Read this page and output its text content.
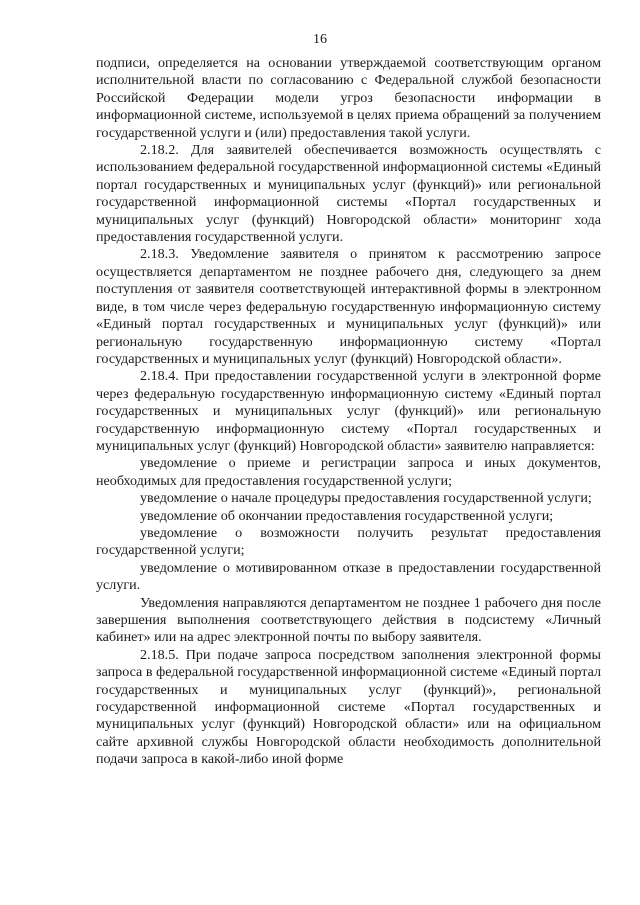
16

подписи, определяется на основании утверждаемой соответствующим органом исполнительной власти по согласованию с Федеральной службой безопасности Российской Федерации модели угроз безопасности информации в информационной системе, используемой в целях приема обращений за получением государственной услуги и (или) предоставления такой услуги.

2.18.2. Для заявителей обеспечивается возможность осуществлять с использованием федеральной государственной информационной системы «Единый портал государственных и муниципальных услуг (функций)» или региональной государственной информационной системы «Портал государственных и муниципальных услуг (функций) Новгородской области» мониторинг хода предоставления государственной услуги.

2.18.3. Уведомление заявителя о принятом к рассмотрению запросе осуществляется департаментом не позднее рабочего дня, следующего за днем поступления от заявителя соответствующей интерактивной формы в электронном виде, в том числе через федеральную государственную информационную систему «Единый портал государственных и муниципальных услуг (функций)» или региональную государственную информационную систему «Портал государственных и муниципальных услуг (функций) Новгородской области».

2.18.4. При предоставлении государственной услуги в электронной форме через федеральную государственную информационную систему «Единый портал государственных и муниципальных услуг (функций)» или региональную государственную информационную систему «Портал государственных и муниципальных услуг (функций) Новгородской области» заявителю направляется:

уведомление о приеме и регистрации запроса и иных документов, необходимых для предоставления государственной услуги;

уведомление о начале процедуры предоставления государственной услуги;

уведомление об окончании предоставления государственной услуги;

уведомление о возможности получить результат предоставления государственной услуги;

уведомление о мотивированном отказе в предоставлении государственной услуги.

Уведомления направляются департаментом не позднее 1 рабочего дня после завершения выполнения соответствующего действия в подсистему «Личный кабинет» или на адрес электронной почты по выбору заявителя.

2.18.5. При подаче запроса посредством заполнения электронной формы запроса в федеральной государственной информационной системе «Единый портал государственных и муниципальных услуг (функций)», региональной государственной информационной системе «Портал государственных и муниципальных услуг (функций) Новгородской области» или на официальном сайте архивной службы Новгородской области необходимость дополнительной подачи запроса в какой-либо иной форме
